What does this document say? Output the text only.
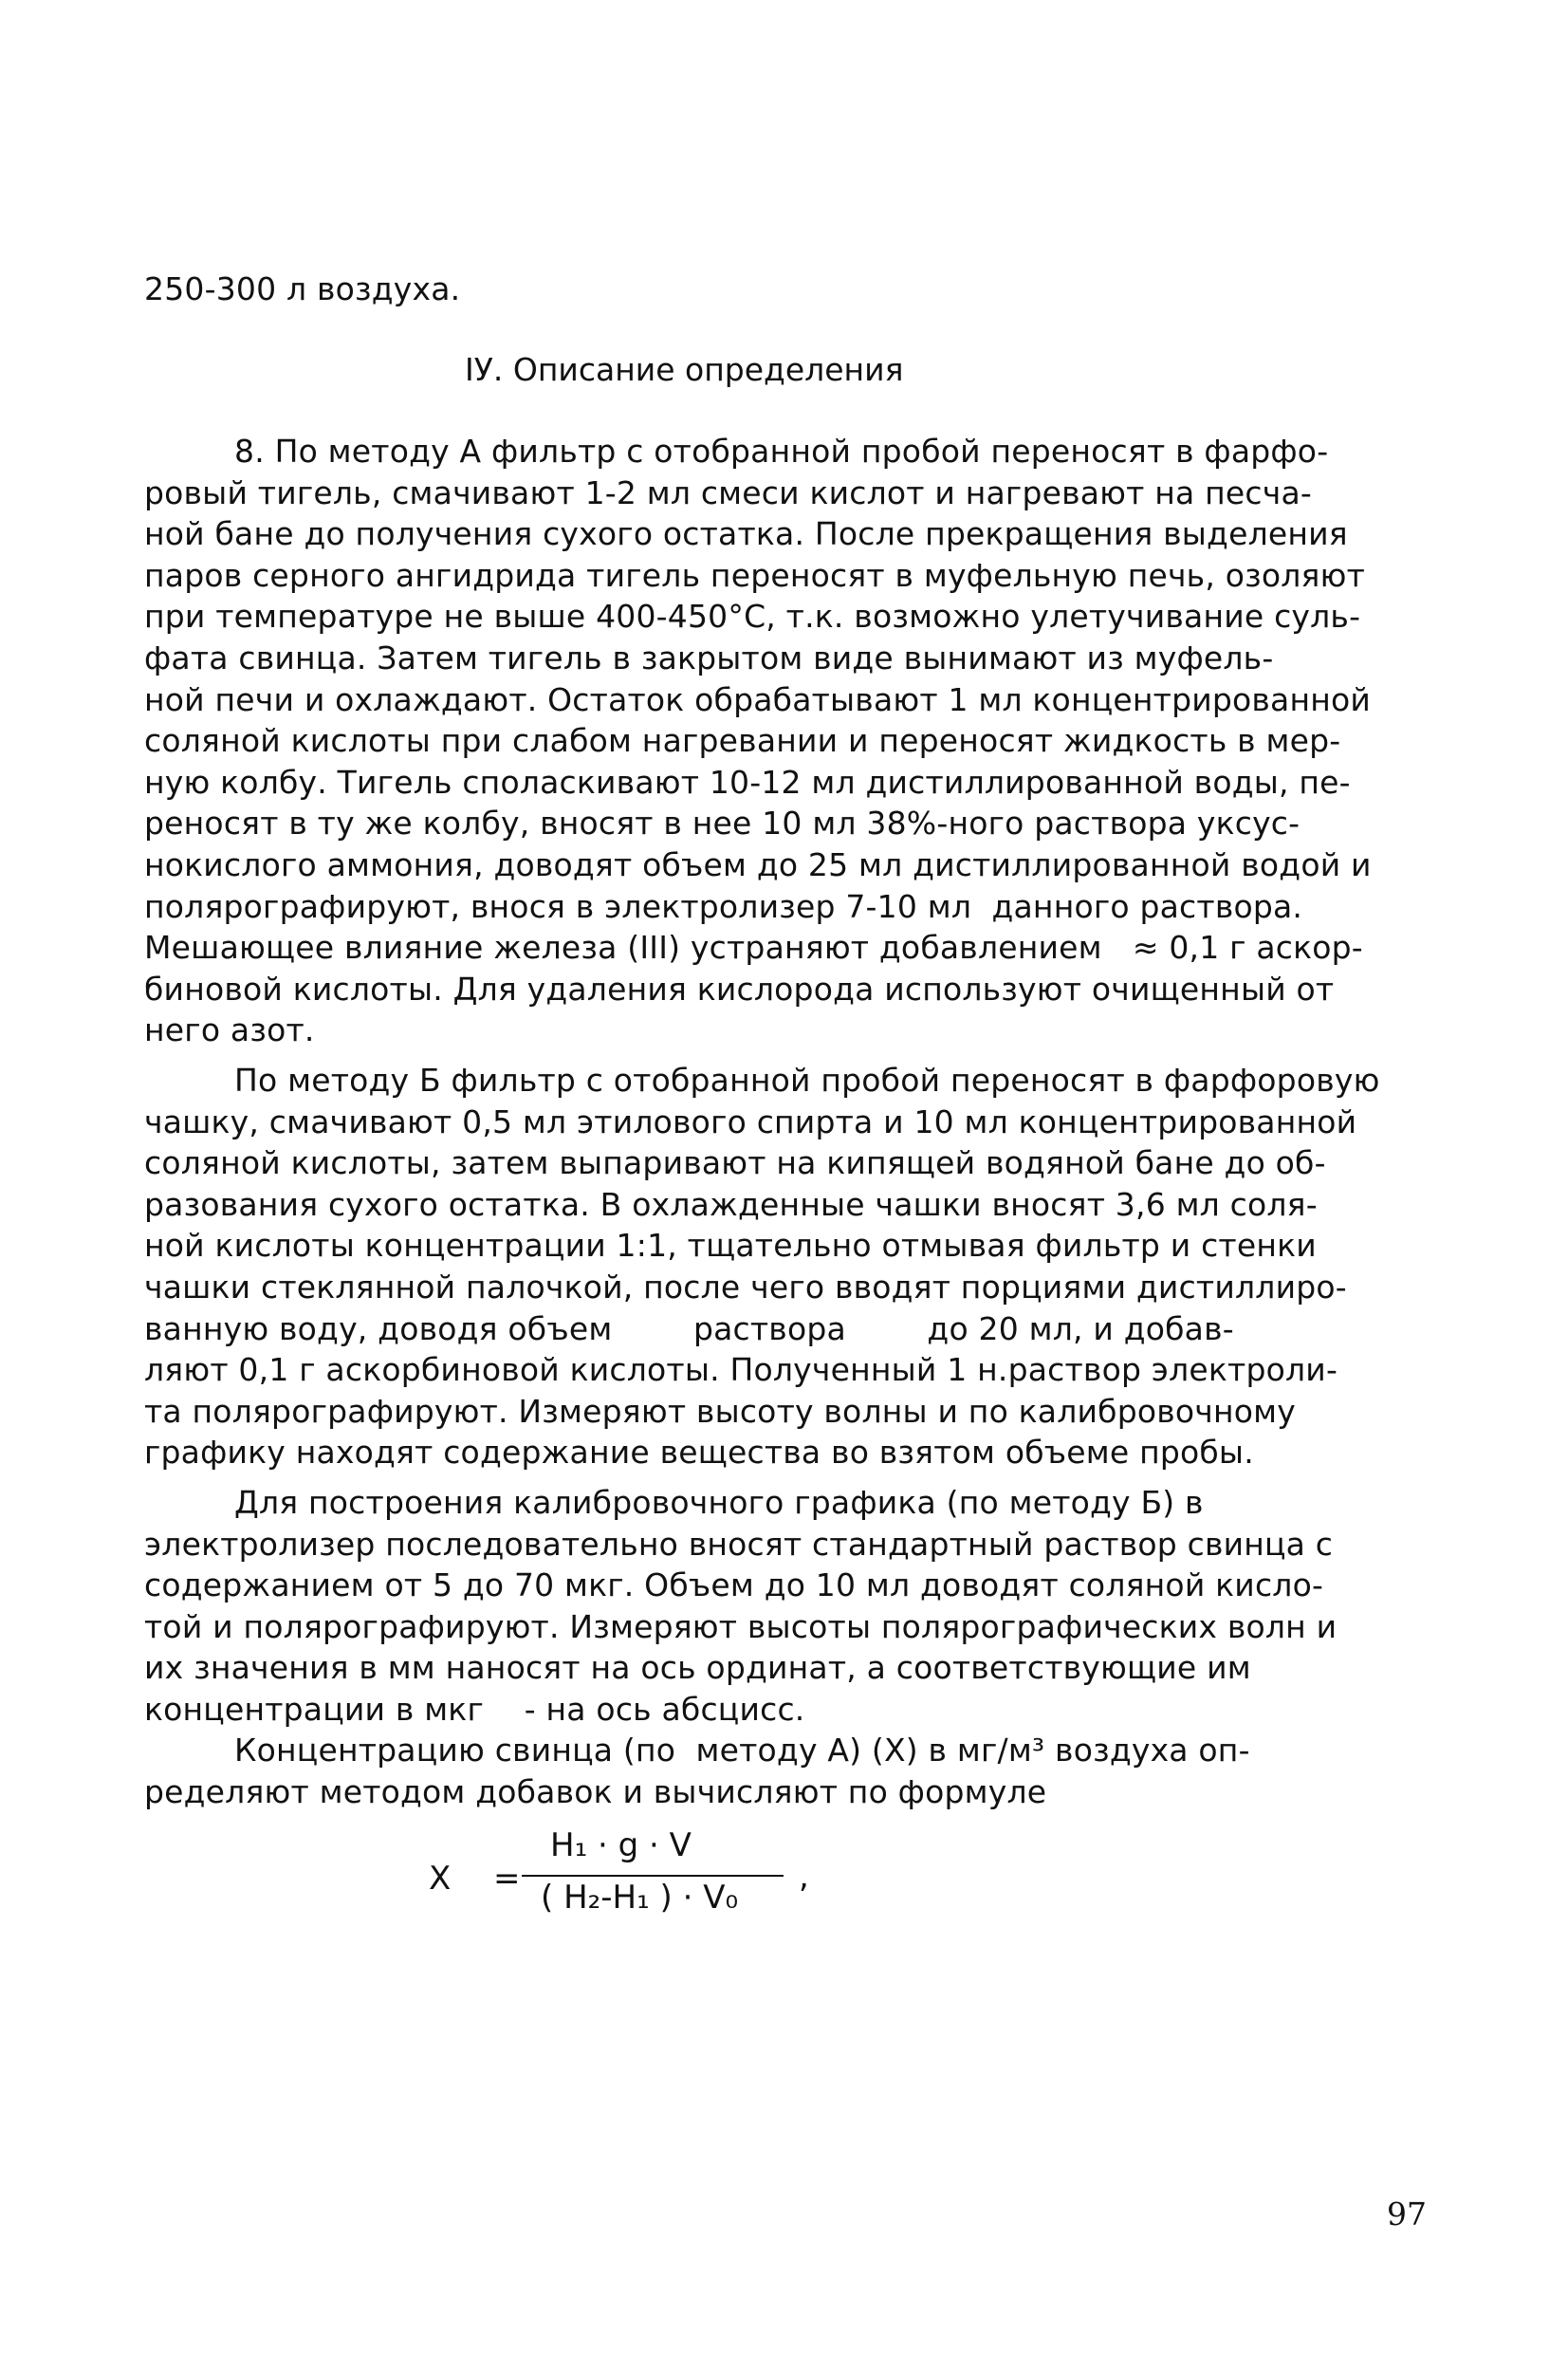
250-300 л воздуха.
IУ. Описание определения
8. По методу А фильтр с отобранной пробой переносят в фарфо-
ровый тигель, смачивают 1-2 мл смеси кислот и нагревают на песча-
ной бане до получения сухого остатка. После прекращения выделения
паров серного ангидрида тигель переносят в муфельную печь, озоляют
при температуре не выше 400-450°С, т.к. возможно улетучивание суль-
фата свинца. Затем тигель в закрытом виде вынимают из муфель-
ной печи и охлаждают. Остаток обрабатывают 1 мл концентрированной
соляной кислоты при слабом нагревании и переносят жидкость в мер-
ную колбу. Тигель споласкивают 10-12 мл дистиллированной воды, пе-
реносят в ту же колбу, вносят в нее 10 мл 38%-ного раствора уксус-
нокислого аммония, доводят объем до 25 мл дистиллированной водой и
полярографируют, внося в электролизер 7-10 мл  данного раствора.
Мешающее влияние железа (III) устраняют добавлением   ≈ 0,1 г аскор-
биновой кислоты. Для удаления кислорода используют очищенный от
него азот.
По методу Б фильтр с отобранной пробой переносят в фарфоровую
чашку, смачивают 0,5 мл этилового спирта и 10 мл концентрированной
соляной кислоты, затем выпаривают на кипящей водяной бане до об-
разования сухого остатка. В охлажденные чашки вносят 3,6 мл соля-
ной кислоты концентрации 1:1, тщательно отмывая фильтр и стенки
чашки стеклянной палочкой, после чего вводят порциями дистиллиро-
ванную воду, доводя объем        раствора        до 20 мл, и добав-
ляют 0,1 г аскорбиновой кислоты. Полученный 1 н.раствор электроли-
та полярографируют. Измеряют высоту волны и по калибровочному
графику находят содержание вещества во взятом объеме пробы.
Для построения калибровочного графика (по методу Б) в
электролизер последовательно вносят стандартный раствор свинца с
содержанием от 5 до 70 мкг. Объем до 10 мл доводят соляной кисло-
той и полярографируют. Измеряют высоты полярографических волн и
их значения в мм наносят на ось ординат, а соответствующие им
концентрации в мкг    - на ось абсцисс.
Концентрацию свинца (по  методу А) (Х) в мг/м³ воздуха оп-
ределяют методом добавок и вычисляют по формуле
X =
H₁ · g · V
( H₂-H₁ ) · V₀
,
97
